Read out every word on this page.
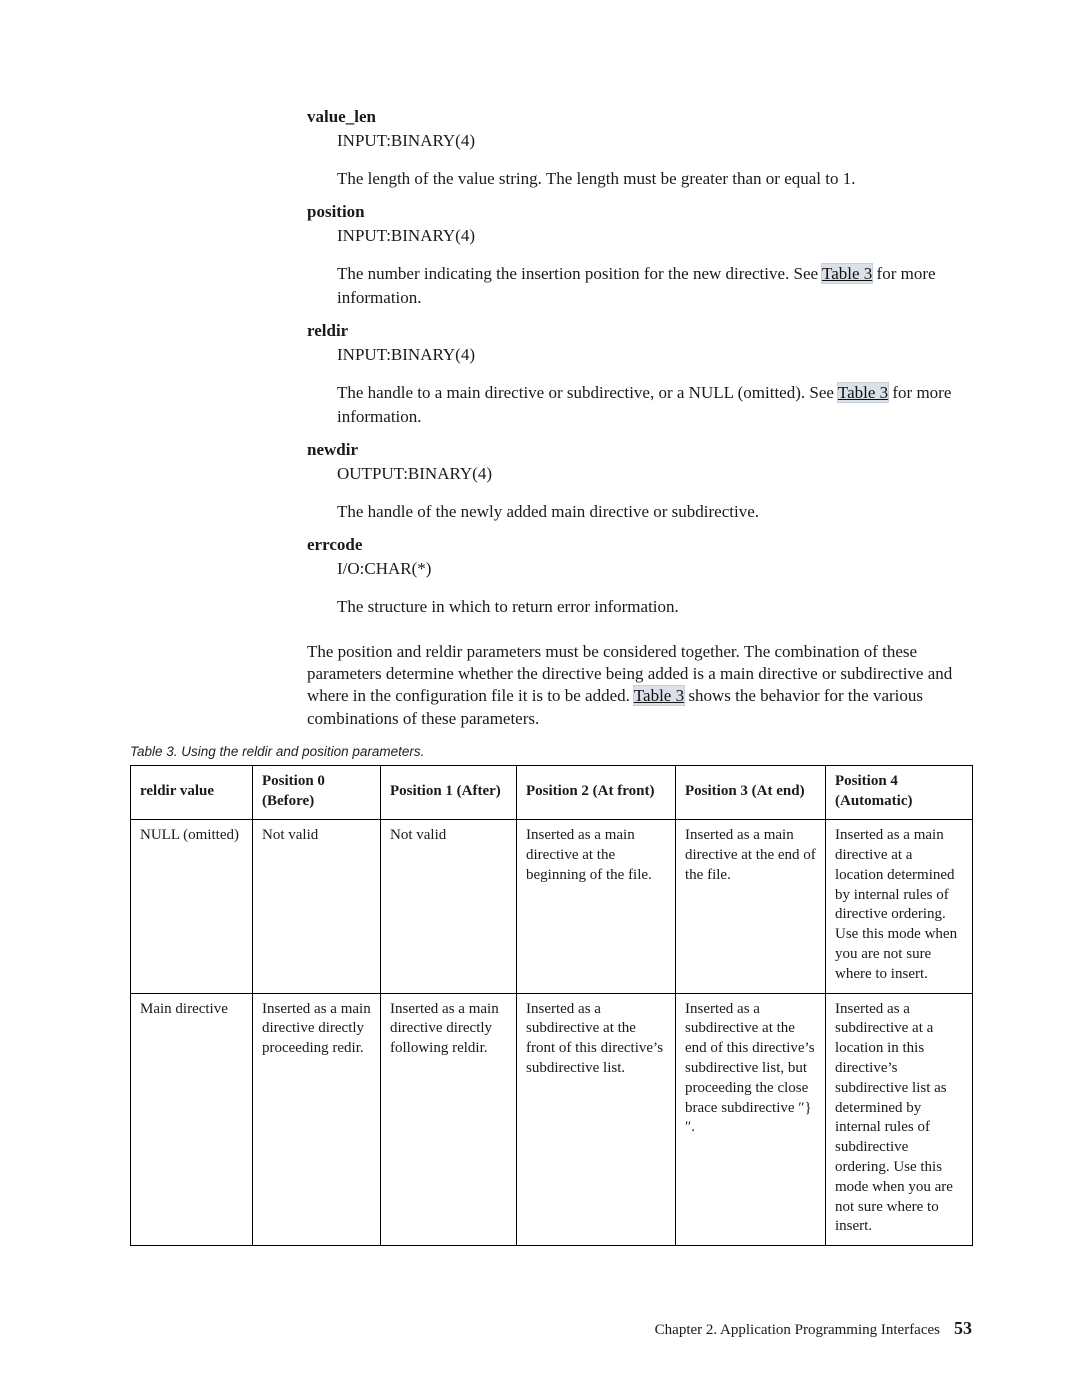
value_len
INPUT:BINARY(4)

The length of the value string. The length must be greater than or equal to 1.

position
INPUT:BINARY(4)

The number indicating the insertion position for the new directive. See Table 3 for more information.

reldir
INPUT:BINARY(4)

The handle to a main directive or subdirective, or a NULL (omitted). See Table 3 for more information.

newdir
OUTPUT:BINARY(4)

The handle of the newly added main directive or subdirective.

errcode
I/O:CHAR(*)

The structure in which to return error information.

The position and reldir parameters must be considered together. The combination of these parameters determine whether the directive being added is a main directive or subdirective and where in the configuration file it is to be added. Table 3 shows the behavior for the various combinations of these parameters.

Table 3. Using the reldir and position parameters.
reldir value	Position 0 (Before)	Position 1 (After)	Position 2 (At front)	Position 3 (At end)	Position 4 (Automatic)
NULL (omitted)	Not valid	Not valid	Inserted as a main directive at the beginning of the file.	Inserted as a main directive at the end of the file.	Inserted as a main directive at a location determined by internal rules of directive ordering. Use this mode when you are not sure where to insert.
Main directive	Inserted as a main directive directly proceeding redir.	Inserted as a main directive directly following reldir.	Inserted as a subdirective at the front of this directive’s subdirective list.	Inserted as a subdirective at the end of this directive’s subdirective list, but proceeding the close brace subdirective ″}″.	Inserted as a subdirective at a location in this directive’s subdirective list as determined by internal rules of subdirective ordering. Use this mode when you are not sure where to insert.
Chapter 2. Application Programming Interfaces 53
